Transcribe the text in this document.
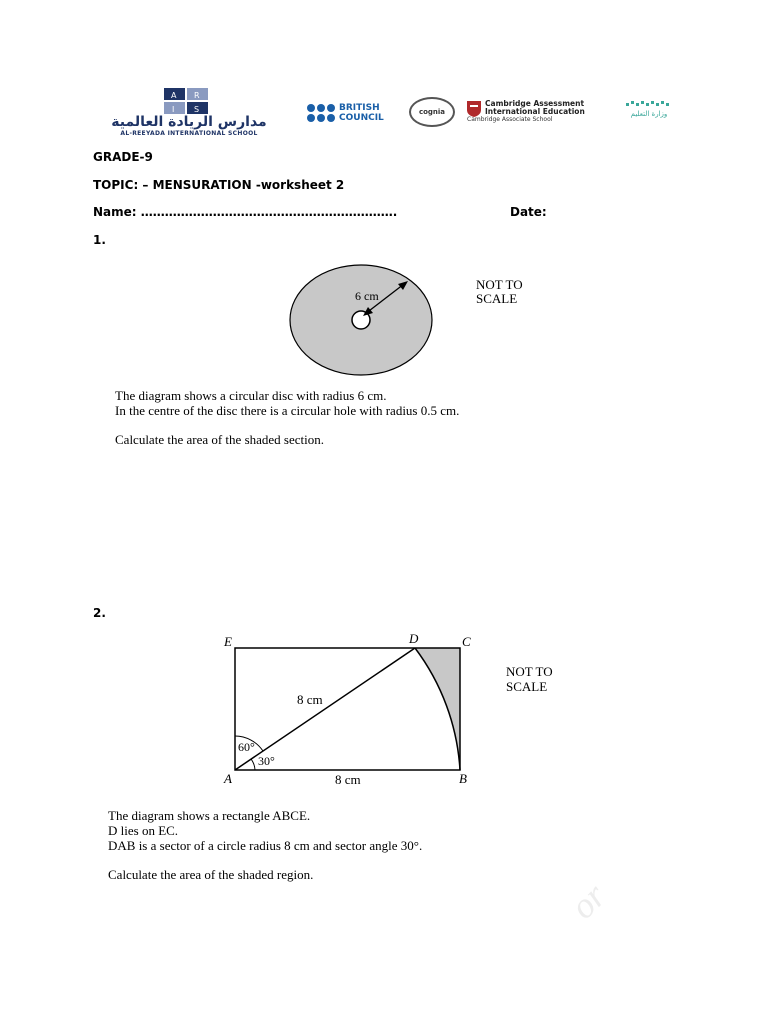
A R
I S
مدارس الريادة العالمية
AL-REEYADA INTERNATIONAL SCHOOL
BRITISH
COUNCIL
cognia
Cambridge Assessment
International Education
Cambridge Associate School
وزارة التعليم
GRADE-9
TOPIC: – MENSURATION -worksheet 2
Name: ……………………………………………………….	Date:
1.
6 cm
NOT TO
SCALE

The diagram shows a circular disc with radius 6 cm.

In the centre of the disc there is a circular hole with radius 0.5 cm.

Calculate the area of the shaded section.

2.
E	D	C
A	B
8 cm
8 cm
60°
30°
NOT TO
SCALE

The diagram shows a rectangle ABCE.

D lies on EC.

DAB is a sector of a circle radius 8 cm and sector angle 30°.

Calculate the area of the shaded region.

or
